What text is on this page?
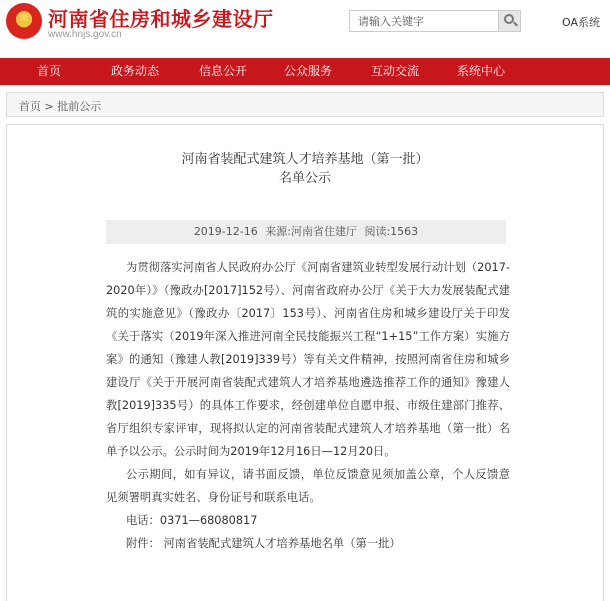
★ 河南省住房和城乡建设厅
www.hnjs.gov.cn
请输入关键字
OA系统
首页	政务动态	信息公开	公众服务	互动交流	系统中心
首页 > 批前公示
河南省装配式建筑人才培养基地（第一批）
名单公示
2019-12-16 来源:河南省住建厅 阅读:1563

为贯彻落实河南省人民政府办公厅《河南省建筑业转型发展行动计划（2017-2020年）》（豫政办[2017]152号）、河南省政府办公厅《关于大力发展装配式建筑的实施意见》（豫政办〔2017〕153号）、河南省住房和城乡建设厅关于印发《关于落实（2019年深入推进河南全民技能振兴工程“1+15”工作方案）实施方案》的通知（豫建人教[2019]339号）等有关文件精神，按照河南省住房和城乡建设厅《关于开展河南省装配式建筑人才培养基地遴选推荐工作的通知》豫建人教[2019]335号）的具体工作要求，经创建单位自愿申报、市级住建部门推荐、省厅组织专家评审，现将拟认定的河南省装配式建筑人才培养基地（第一批）名单予以公示。公示时间为2019年12月16日—12月20日。

公示期间，如有异议，请书面反馈，单位反馈意见须加盖公章，个人反馈意见须署明真实姓名、身份证号和联系电话。

电话：0371—68080817

附件： 河南省装配式建筑人才培养基地名单（第一批）
